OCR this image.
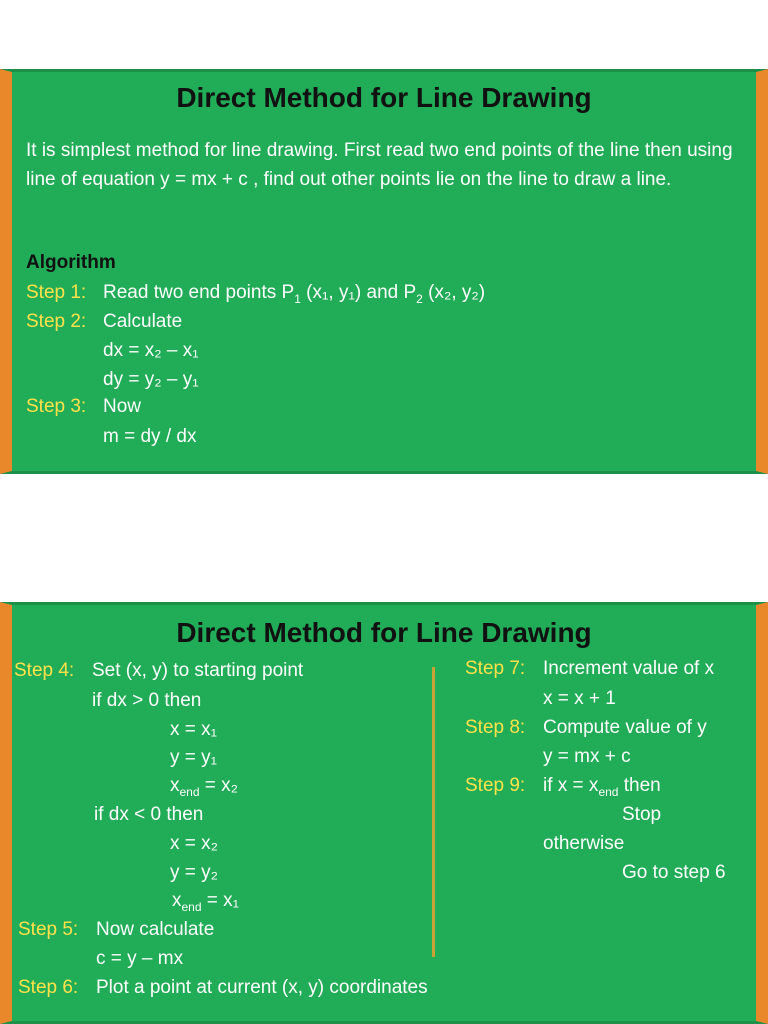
Direct Method for Line Drawing
It is simplest method for line drawing. First read two end points of the line then using line of equation y = mx + c , find out other points lie on the line to draw a line.
Algorithm
Step 1: Read two end points $P_1$ (x₁, y₁) and $P_2$ (x₂, y₂)
Step 2: Calculate
dx = x₂ – x₁
dy = y₂ – y₁
Step 3: Now
m = dy / dx
Direct Method for Line Drawing
Step 4: Set (x, y) to starting point
if dx > 0 then
x = x₁
y = y₁
$x_{end} = x_2$
if dx < 0 then
x = x₂
y = y₂
$x_{end} = x_1$
Step 5: Now calculate
c = y – mx
Step 6: Plot a point at current (x, y) coordinates
Step 7: Increment value of x
x = x + 1
Step 8: Compute value of y
y = mx + c
Step 9: if $x = x_{end}$ then
Stop
otherwise
Go to step 6
